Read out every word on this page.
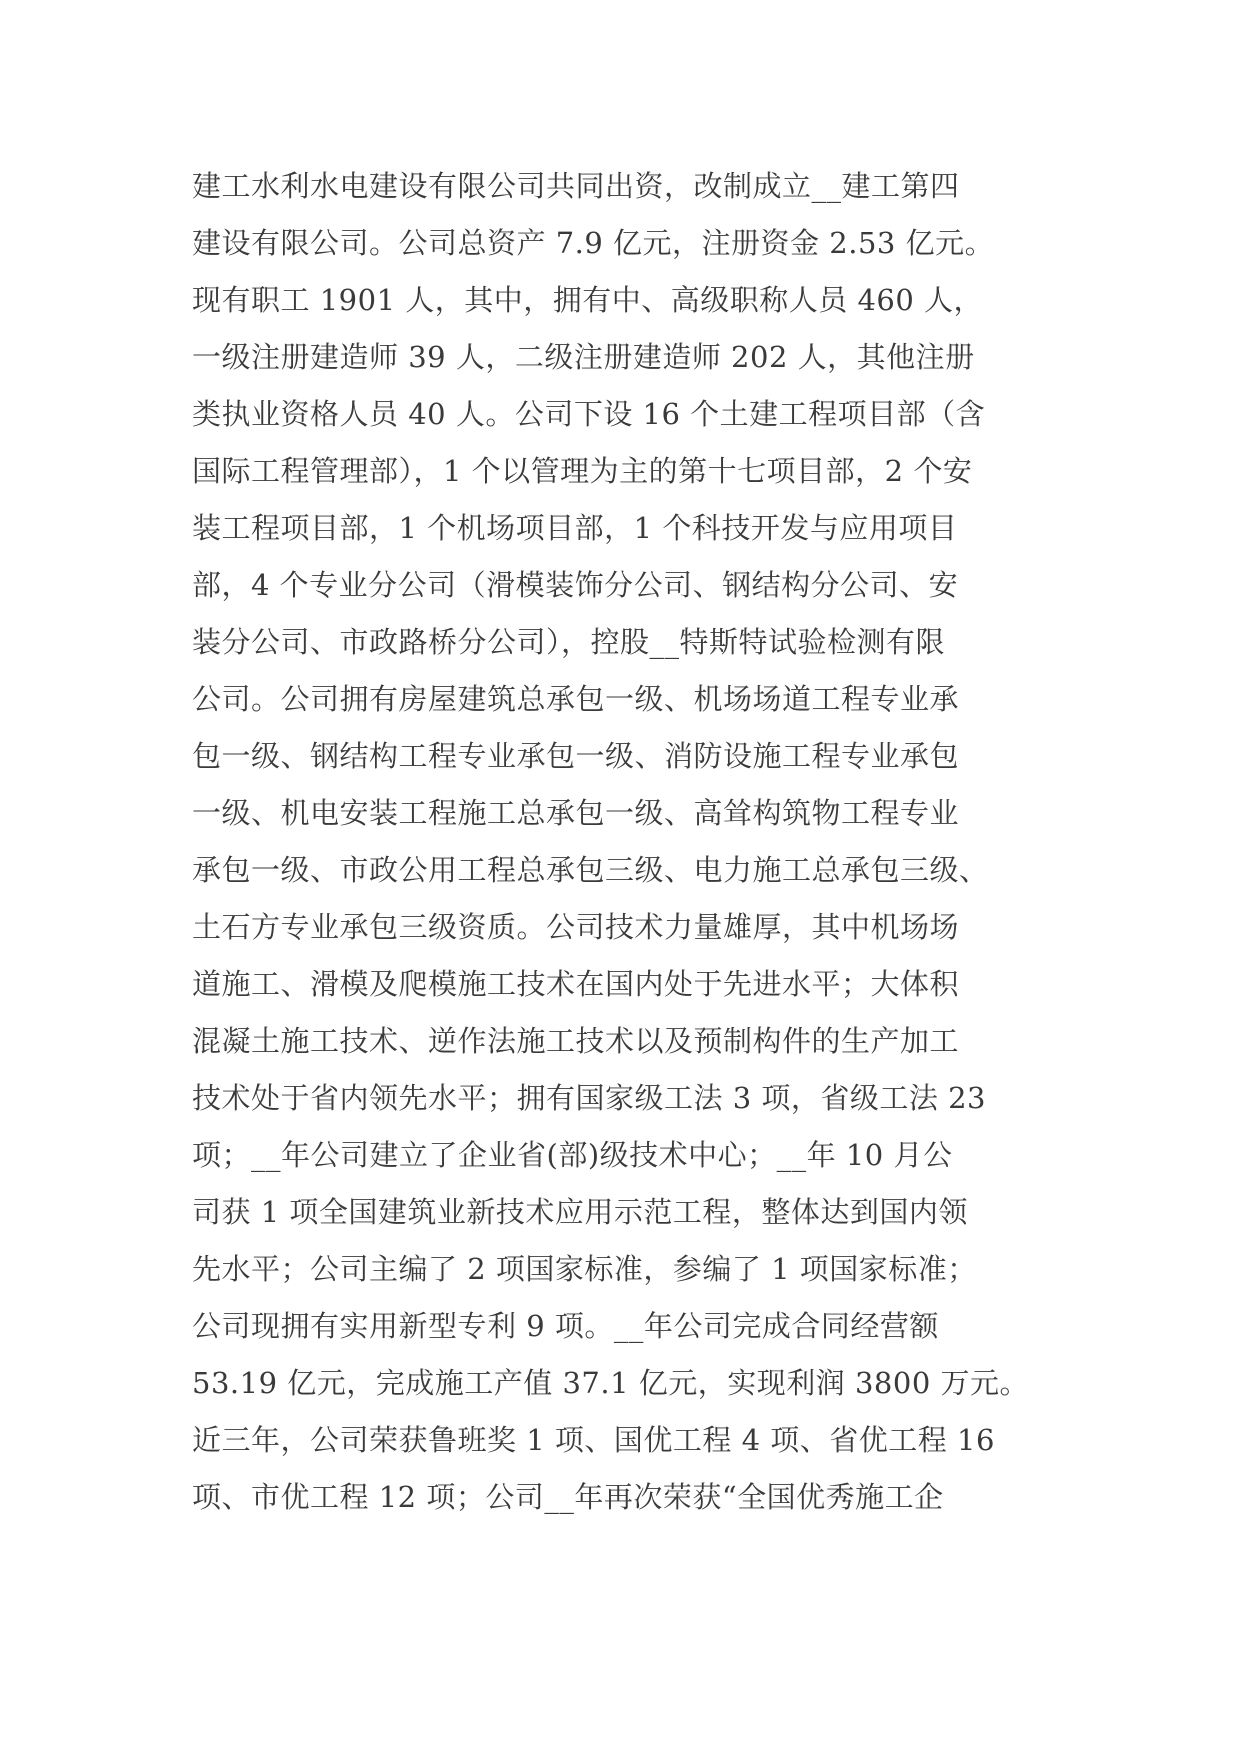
建工水利水电建设有限公司共同出资，改制成立__建工第四
建设有限公司。公司总资产 7.9 亿元，注册资金 2.53 亿元。
现有职工 1901 人，其中，拥有中、高级职称人员 460 人，
一级注册建造师 39 人，二级注册建造师 202 人，其他注册
类执业资格人员 40 人。公司下设 16 个土建工程项目部（含
国际工程管理部），1 个以管理为主的第十七项目部，2 个安
装工程项目部，1 个机场项目部，1 个科技开发与应用项目
部，4 个专业分公司（滑模装饰分公司、钢结构分公司、安
装分公司、市政路桥分公司），控股__特斯特试验检测有限
公司。公司拥有房屋建筑总承包一级、机场场道工程专业承
包一级、钢结构工程专业承包一级、消防设施工程专业承包
一级、机电安装工程施工总承包一级、高耸构筑物工程专业
承包一级、市政公用工程总承包三级、电力施工总承包三级、
土石方专业承包三级资质。公司技术力量雄厚，其中机场场
道施工、滑模及爬模施工技术在国内处于先进水平；大体积
混凝土施工技术、逆作法施工技术以及预制构件的生产加工
技术处于省内领先水平；拥有国家级工法 3 项，省级工法 23
项；__年公司建立了企业省(部)级技术中心；__年 10 月公
司获 1 项全国建筑业新技术应用示范工程，整体达到国内领
先水平；公司主编了 2 项国家标准，参编了 1 项国家标准；
公司现拥有实用新型专利 9 项。__年公司完成合同经营额
53.19 亿元，完成施工产值 37.1 亿元，实现利润 3800 万元。
近三年，公司荣获鲁班奖 1 项、国优工程 4 项、省优工程 16
项、市优工程 12 项；公司__年再次荣获“全国优秀施工企
